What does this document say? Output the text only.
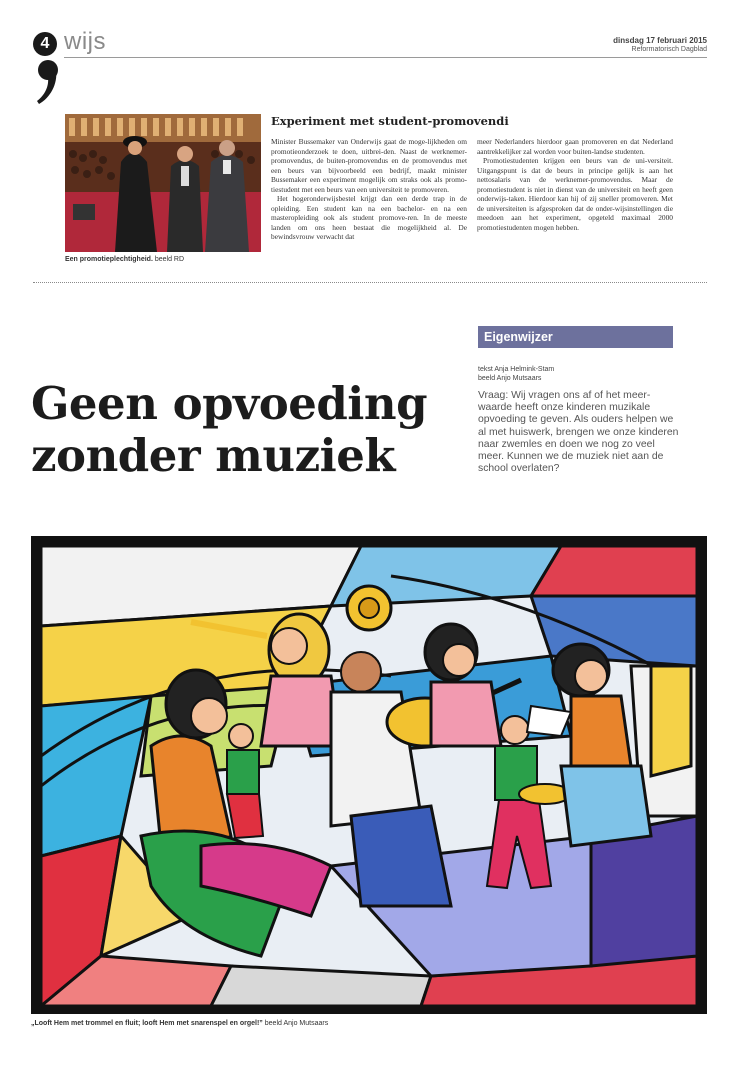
4 wijs	dinsdag 17 februari 2015
Reformatorisch Dagblad
Een promotieplechtigheid. beeld RD
Experiment met student-promovendi

Minister Bussemaker van Onderwijs gaat de moge-lijkheden om promotieonderzoek te doen, uitbrei-den. Naast de werknemer-promovendus, de buiten-promovendus en de promovendus met een beurs van bijvoorbeeld een bedrijf, maakt minister Bussemaker een experiment mogelijk om straks ook als promo-tiestudent met een beurs van een universiteit te promoveren.

Het hogeronderwijsbestel krijgt dan een derde trap in de opleiding. Een student kan na een bachelor- en na een masteropleiding ook als student promove-ren. In de meeste landen om ons heen bestaat die mogelijkheid al. De bewindsvrouw verwacht dat

meer Nederlanders hierdoor gaan promoveren en dat Nederland aantrekkelijker zal worden voor buiten-landse studenten.

Promotiestudenten krijgen een beurs van de uni-versiteit. Uitgangspunt is dat de beurs in principe gelijk is aan het nettosalaris van de werknemer-promovendus. Maar de promotiestudent is niet in dienst van de universiteit en heeft geen onderwijs-taken. Hierdoor kan hij of zij sneller promoveren. Met de universiteiten is afgesproken dat de onder-wijsinstellingen die meedoen aan het experiment, opgeteld maximaal 2000 promotiestudenten mogen hebben.

Eigenwijzer
tekst Anja Helmink-Stam
beeld Anjo Mutsaars
Vraag: Wij vragen ons af of het meer-waarde heeft onze kinderen muzikale opvoeding te geven. Als ouders helpen we al met huiswerk, brengen we onze kinderen naar zwemles en doen we nog zo veel meer. Kunnen we de muziek niet aan de school overlaten?
Geen opvoeding
zonder muziek
„Looft Hem met trommel en fluit; looft Hem met snarenspel en orgel!” beeld Anjo Mutsaars
